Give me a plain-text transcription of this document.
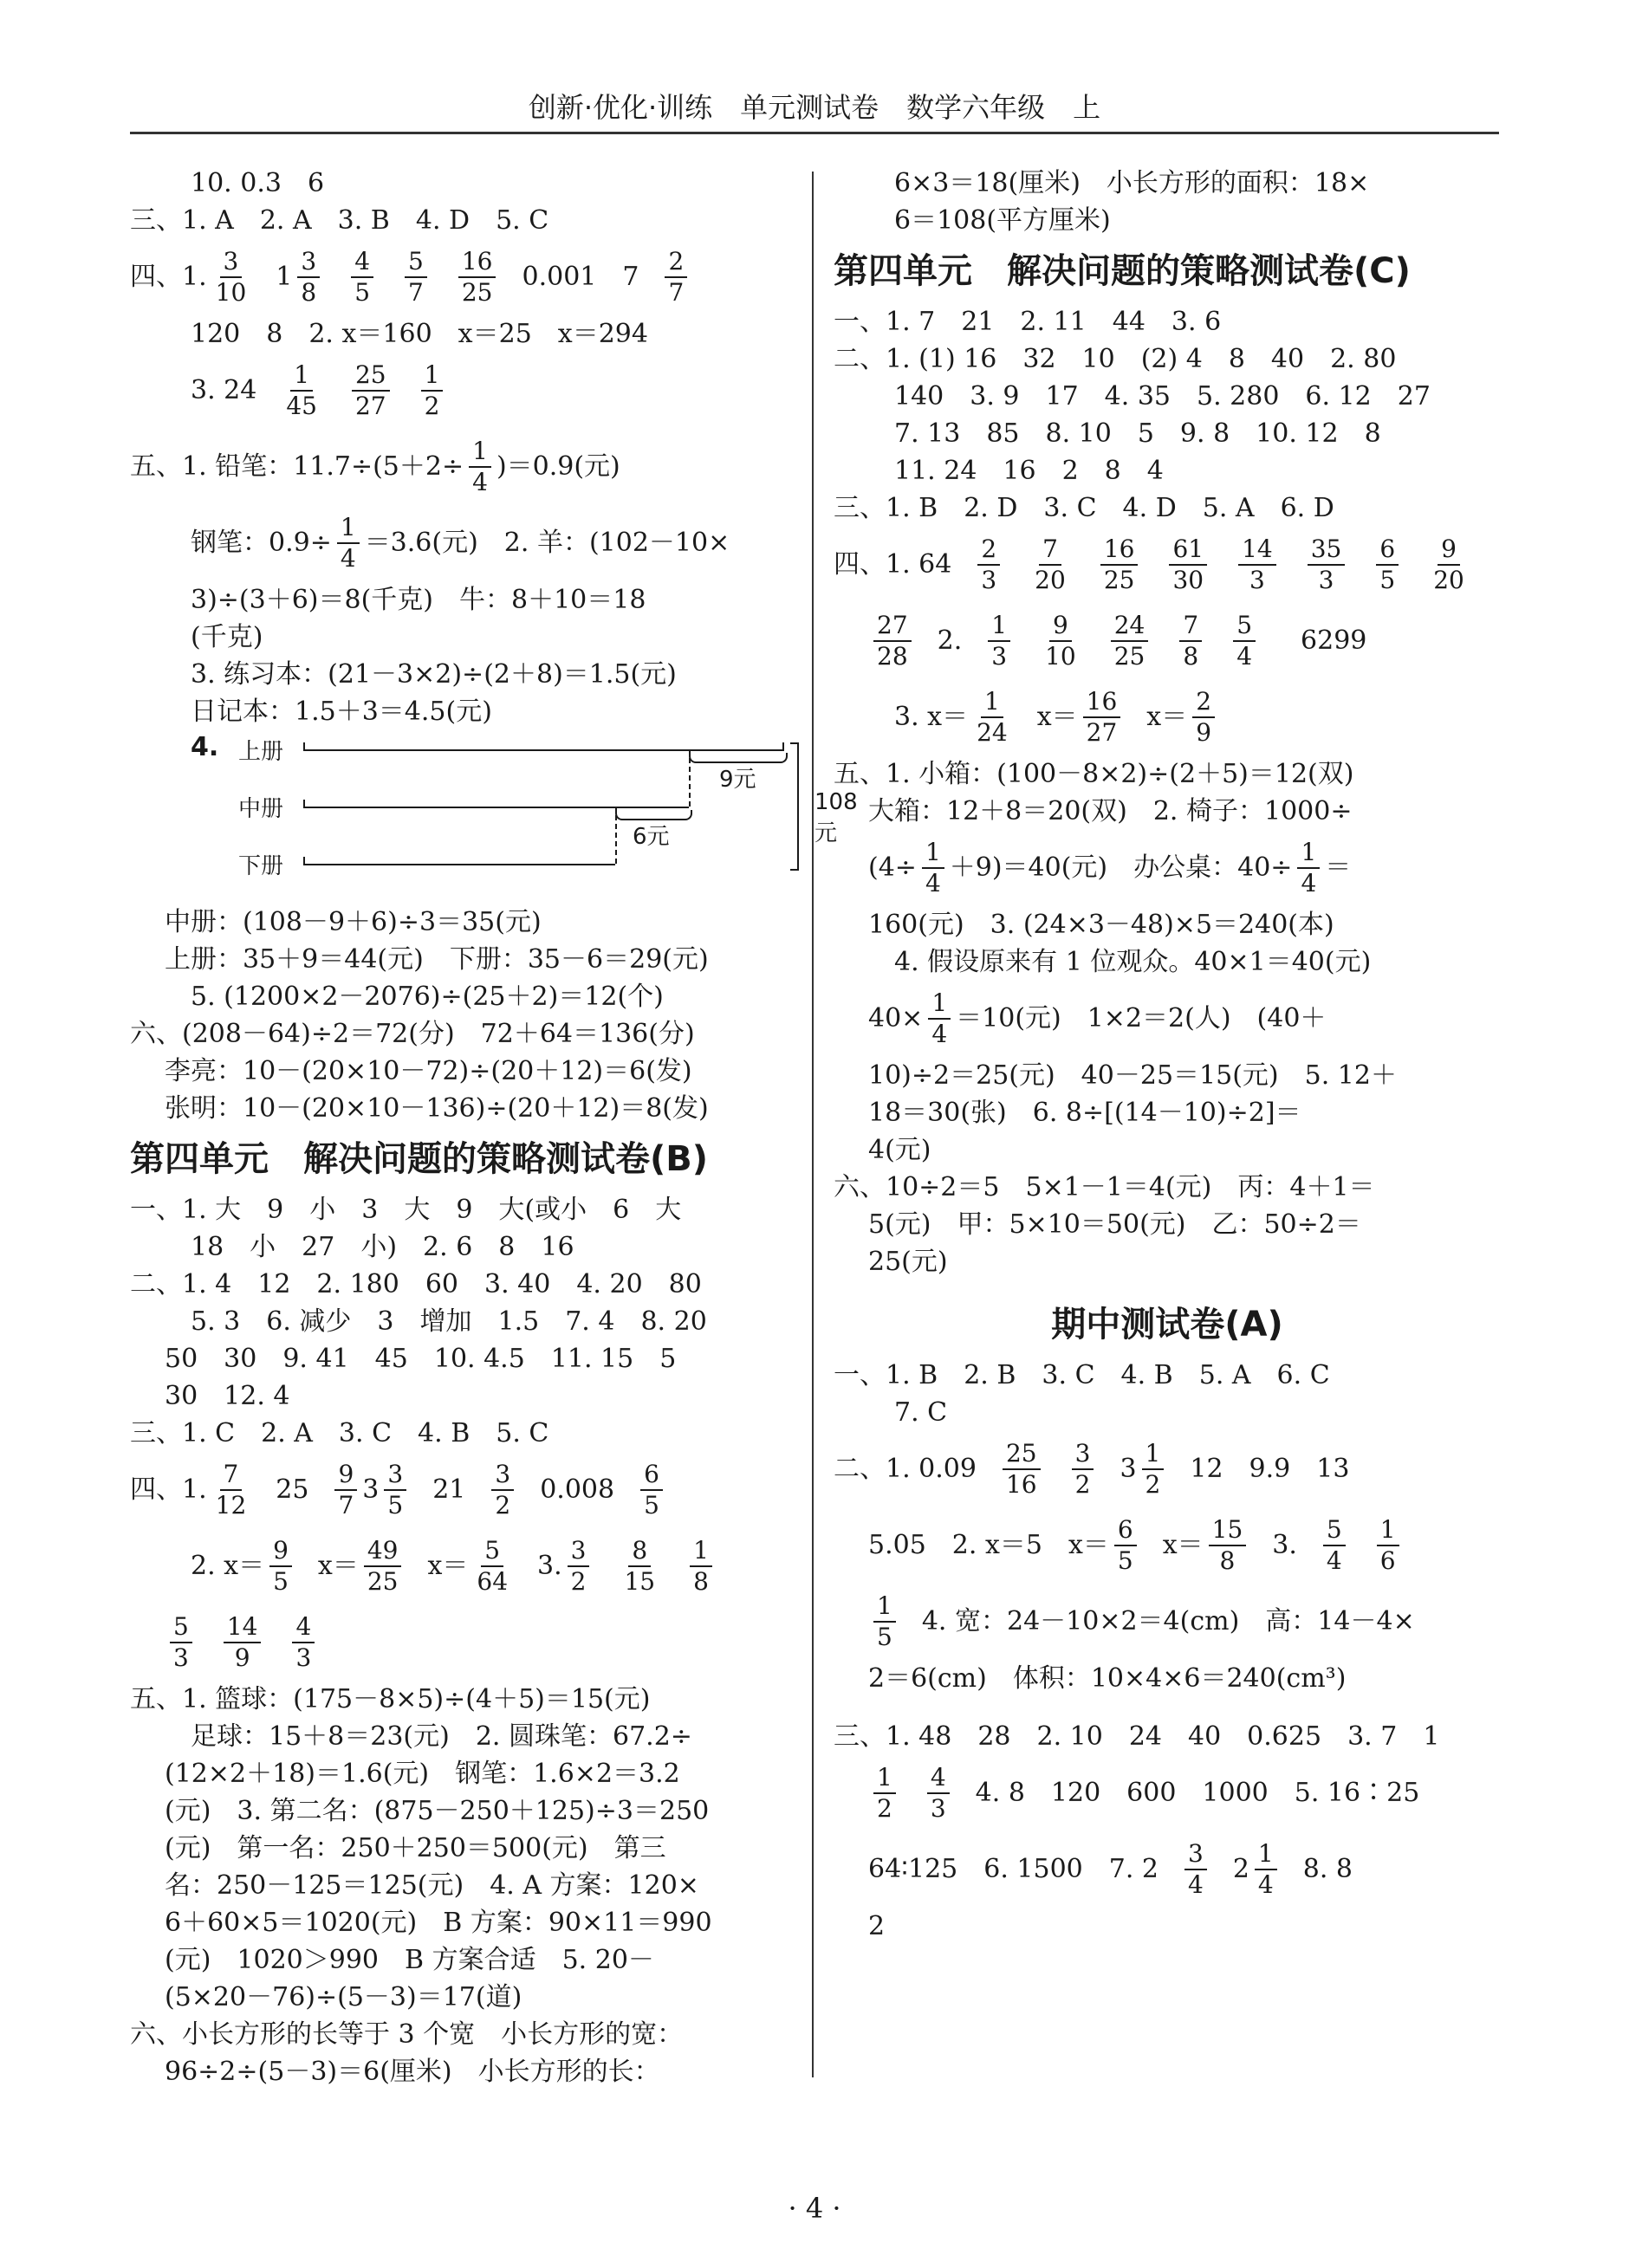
创新·优化·训练　单元测试卷　数学六年级　上
10. 0.3　6
三、1. A　2. A　3. B　4. D　5. C
四、1. $\frac{3}{10} 1 \frac{3}{8} \frac{4}{5} \frac{5}{7} \frac{16}{25} 0.001$　$7 \frac{2}{7}$
120　8　2. x＝160　x＝25　x＝294
3. $24 \frac{1}{45} \frac{25}{27} \frac{1}{2}$
五、1. 铅笔：$11.7\div(5+2\div \frac{1}{4} )=0.9$(元)
钢笔：$0.9\div \frac{1}{4} =3.6$(元)　2. 羊：(102－10×
3)÷(3＋6)＝8(千克)　牛：8＋10＝18
(千克)
3. 练习本：(21－3×2)÷(2＋8)＝1.5(元)
日记本：1.5＋3＝4.5(元)
4. 上册
中册
下册
9元
6元
108元
中册：(108－9＋6)÷3＝35(元)
上册：35＋9＝44(元)　下册：35－6＝29(元)
5. (1200×2－2076)÷(25＋2)＝12(个)
六、(208－64)÷2＝72(分)　72＋64＝136(分)
李亮：10－(20×10－72)÷(20＋12)＝6(发)
张明：10－(20×10－136)÷(20＋12)＝8(发)
第四单元　解决问题的策略测试卷(B)
一、1. 大　9　小　3　大　9　大(或小　6　大
18　小　27　小)　2. 6　8　16
二、1. 4　12　2. 180　60　3. 40　4. 20　80
5. 3　6. 减少　3　增加　1.5　7. 4　8. 20
50　30　9. 41　45　10. 4.5　11. 15　5
30　12. 4
三、1. C　2. A　3. C　4. B　5. C
四、1. $\frac{7}{12} 25 \frac{9}{7} 3 \frac{3}{5} 21 \frac{3}{2} 0.008 \frac{6}{5}$
2. $x= \frac{9}{5} x= \frac{49}{25} x= \frac{5}{64} 3$. $\frac{3}{2} \frac{8}{15} \frac{1}{8}$
$\frac{5}{3} \frac{14}{9} \frac{4}{3}$
五、1. 篮球：(175－8×5)÷(4＋5)＝15(元)
足球：15＋8＝23(元)　2. 圆珠笔：67.2÷
(12×2＋18)＝1.6(元)　钢笔：1.6×2＝3.2
(元)　3. 第二名：(875－250＋125)÷3＝250
(元)　第一名：250＋250＝500(元)　第三
名：250－125＝125(元)　4. A 方案：120×
6＋60×5＝1020(元)　B 方案：90×11＝990
(元)　1020＞990　B 方案合适　5. 20－
(5×20－76)÷(5－3)＝17(道)
六、小长方形的长等于 3 个宽　小长方形的宽：
96÷2÷(5－3)＝6(厘米)　小长方形的长：
6×3＝18(厘米)　小长方形的面积：18×
6＝108(平方厘米)
第四单元　解决问题的策略测试卷(C)
一、1. 7　21　2. 11　44　3. 6
二、1. (1) 16　32　10　(2) 4　8　40　2. 80
140　3. 9　17　4. 35　5. 280　6. 12　27
7. 13　85　8. 10　5　9. 8　10. 12　8
11. 24　16　2　8　4
三、1. B　2. D　3. C　4. D　5. A　6. D
四、1. $64 \frac{2}{3} \frac{7}{20} \frac{16}{25} \frac{61}{30} \frac{14}{3} \frac{35}{3} \frac{6}{5} \frac{9}{20}$
$\frac{27}{28} 2$. $\frac{1}{3} \frac{9}{10} \frac{24}{25} \frac{7}{8} \frac{5}{4} 6299$
3. $x= \frac{1}{24} x= \frac{16}{27} x= \frac{2}{9}$
五、1. 小箱：(100－8×2)÷(2＋5)＝12(双)
大箱：12＋8＝20(双)　2. 椅子：1000÷
$(4\div \frac{1}{4} +9)=40$(元)　办公桌：$40\div \frac{1}{4}$ ＝
160(元)　3. (24×3－48)×5＝240(本)
4. 假设原来有 1 位观众。40×1＝40(元)
$40\times \frac{1}{4} =10$(元)　1×2＝2(人)　(40＋
10)÷2＝25(元)　40－25＝15(元)　5. 12＋
18＝30(张)　6. 8÷[(14－10)÷2]＝
4(元)
六、10÷2＝5　5×1－1＝4(元)　丙：4＋1＝
5(元)　甲：5×10＝50(元)　乙：50÷2＝
25(元)
期中测试卷(A)
一、1. B　2. B　3. C　4. B　5. A　6. C
7. C
二、1. $0.09 \frac{25}{16} \frac{3}{2} 3 \frac{1}{2} 12$　9.9　13
5.05　2. x＝5　$x= \frac{6}{5} x= \frac{15}{8} 3$. $\frac{5}{4} \frac{1}{6}$
$\frac{1}{5} 4$. 宽：24－10×2＝4(cm)　高：14－4×
2＝6(cm)　体积：10×4×6＝240(cm³)
三、1. 48　28　2. 10　24　40　0.625　3. 7　1
$\frac{1}{2} \frac{4}{3} 4$. 8　120　600　1000　5. 16∶25
64∶125　6. 1500　7. $2 \frac{3}{4} 2 \frac{1}{4} 8$. 8
2
· 4 ·
